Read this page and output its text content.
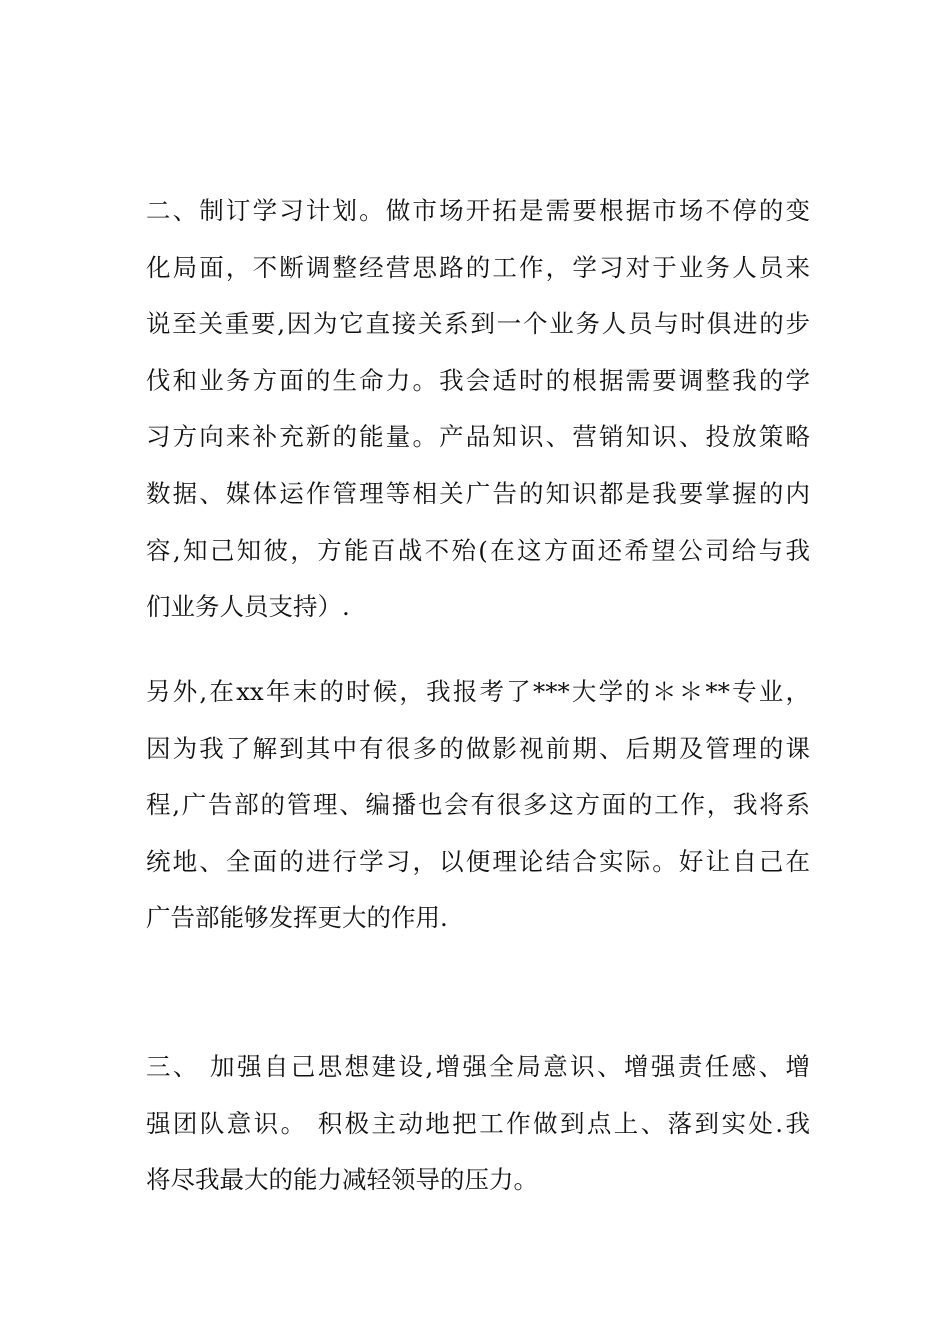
二、制订学习计划。做市场开拓是需要根据市场不停的变
化局面，不断调整经营思路的工作，学习对于业务人员来
说至关重要,因为它直接关系到一个业务人员与时俱进的步
伐和业务方面的生命力。我会适时的根据需要调整我的学
习方向来补充新的能量。产品知识、营销知识、投放策略
数据、媒体运作管理等相关广告的知识都是我要掌握的内
容,知己知彼，方能百战不殆(在这方面还希望公司给与我
们业务人员支持）.

另外,在xx年末的时候，我报考了***大学的＊＊**专业，
因为我了解到其中有很多的做影视前期、后期及管理的课
程,广告部的管理、编播也会有很多这方面的工作，我将系
统地、全面的进行学习，以便理论结合实际。好让自己在
广告部能够发挥更大的作用.

三、 加强自己思想建设,增强全局意识、增强责任感、增
强团队意识。 积极主动地把工作做到点上、落到实处.我
将尽我最大的能力减轻领导的压力。
